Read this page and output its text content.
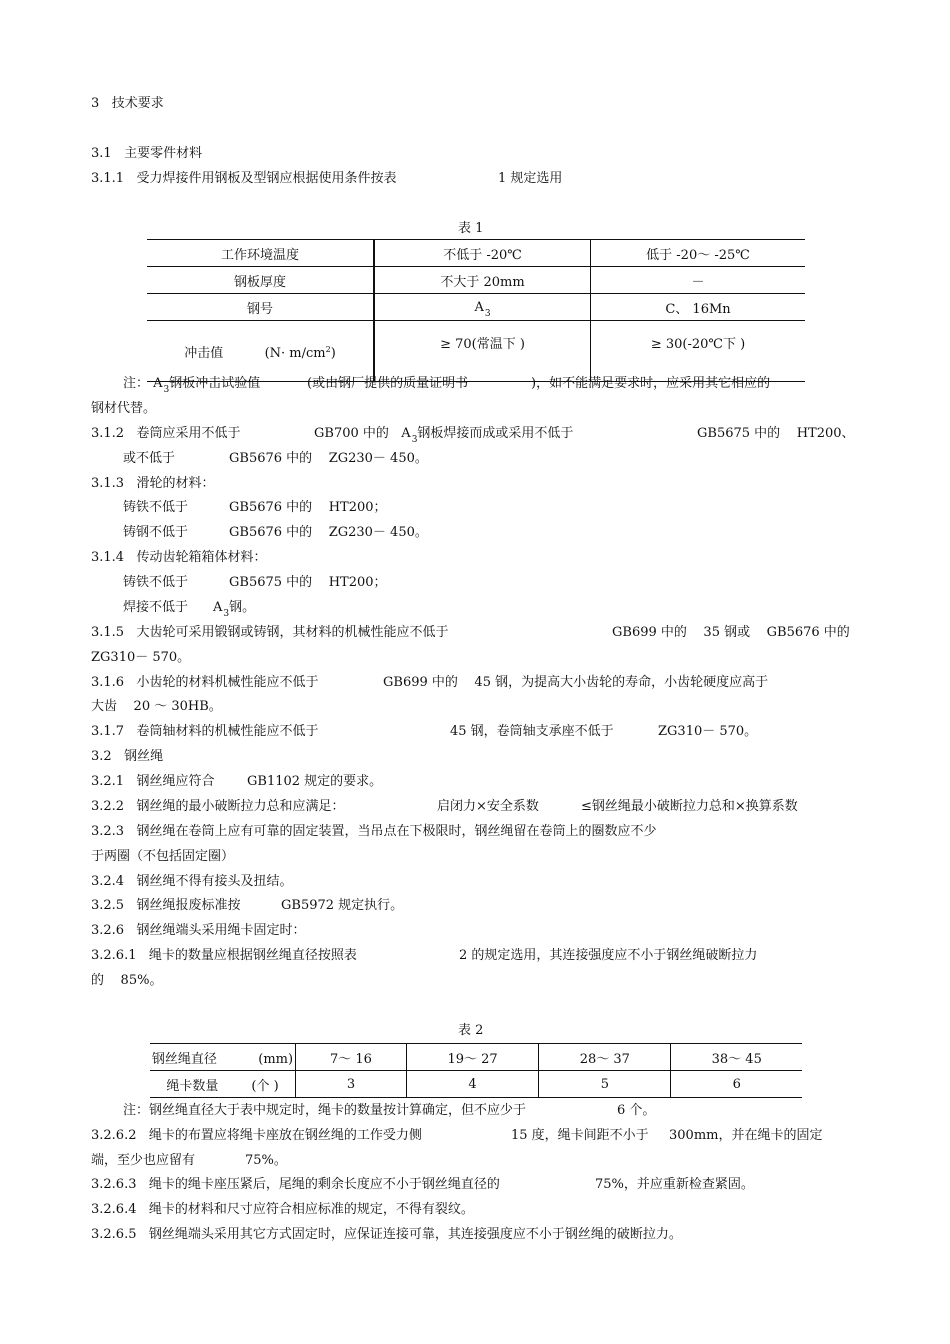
3 技术要求
3.1 主要零件材料
3.1.1 受力焊接件用钢板及型钢应根据使用条件按表	1 规定选用
表 1
工作环境温度	不低于 -20℃	低于 -20～ -25℃
钢板厚度	不大于 20mm	－
钢号	$A_3$	C、 16Mn
冲击值 $(N\cdot m/cm^2)$	≥ 70(常温下 )	≥ 30(-20℃下 )
注： $A_3$钢板冲击试验值	(或由钢厂提供的质量证明书	)，如不能满足要求时，应采用其它相应的
钢材代替。
3.1.2 卷筒应采用不低于	GB700 中的 $A_3$钢板焊接而成或采用不低于	GB5675 中的 HT200、
或不低于	GB5676 中的 ZG230－ 450。
3.1.3 滑轮的材料：
铸铁不低于	GB5676 中的 HT200；
铸钢不低于	GB5676 中的 ZG230－ 450。
3.1.4 传动齿轮箱箱体材料：
铸铁不低于	GB5675 中的 HT200；
焊接不低于 $A_3$钢。
3.1.5 大齿轮可采用锻钢或铸钢，其材料的机械性能应不低于	GB699 中的 35 钢或 GB5676 中的
ZG310－ 570。
3.1.6 小齿轮的材料机械性能应不低于	GB699 中的 45 钢，为提高大小齿轮的寿命，小齿轮硬度应高于
大齿 20 ～ 30HB。
3.1.7 卷筒轴材料的机械性能应不低于	45 钢，卷筒轴支承座不低于	ZG310－ 570。
3.2 钢丝绳
3.2.1 钢丝绳应符合	GB1102 规定的要求。
3.2.2 钢丝绳的最小破断拉力总和应满足：	启闭力×安全系数	≤钢丝绳最小破断拉力总和×换算系数
3.2.3 钢丝绳在卷筒上应有可靠的固定装置，当吊点在下极限时，钢丝绳留在卷筒上的圈数应不少
于两圈（不包括固定圈）
3.2.4 钢丝绳不得有接头及扭结。
3.2.5 钢丝绳报废标准按	GB5972 规定执行。
3.2.6 钢丝绳端头采用绳卡固定时：
3.2.6.1 绳卡的数量应根据钢丝绳直径按照表	2 的规定选用，其连接强度应不小于钢丝绳破断拉力
的 85%。
表 2
钢丝绳直径 (mm)	7～ 16	19～ 27	28～ 37	38～ 45
绳卡数量 (个 )	3	4	5	6
注：钢丝绳直径大于表中规定时，绳卡的数量按计算确定，但不应少于	6 个。
3.2.6.2 绳卡的布置应将绳卡座放在钢丝绳的工作受力侧	15 度，绳卡间距不小于 300mm，并在绳卡的固定
端，至少也应留有	75%。
3.2.6.3 绳卡的绳卡座压紧后，尾绳的剩余长度应不小于钢丝绳直径的	75%，并应重新检查紧固。
3.2.6.4 绳卡的材料和尺寸应符合相应标准的规定，不得有裂纹。
3.2.6.5 钢丝绳端头采用其它方式固定时，应保证连接可靠，其连接强度应不小于钢丝绳的破断拉力。
